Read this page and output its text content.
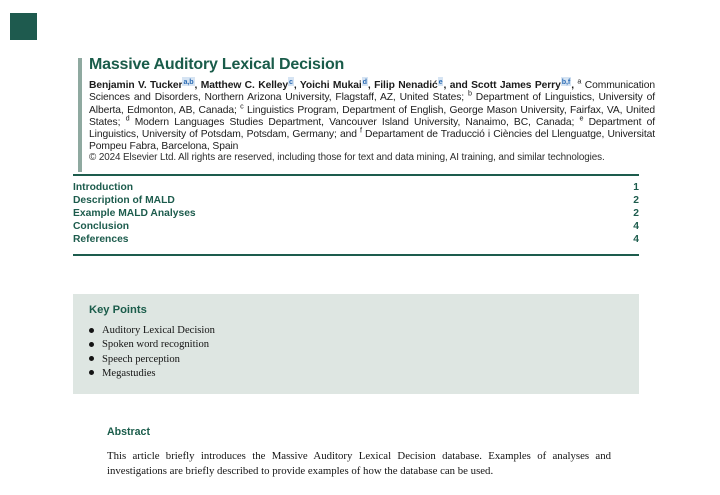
Massive Auditory Lexical Decision

Benjamin V. Tucker$^{a,b}$, Matthew C. Kelley$^c$, Yoichi Mukai$^d$, Filip Nenadić$^e$, and Scott James Perry$^{b,f}$, $^a$ Communication Sciences and Disorders, Northern Arizona University, Flagstaff, AZ, United States; $^b$ Department of Linguistics, University of Alberta, Edmonton, AB, Canada; $^c$ Linguistics Program, Department of English, George Mason University, Fairfax, VA, United States; $^d$ Modern Languages Studies Department, Vancouver Island University, Nanaimo, BC, Canada; $^e$ Department of Linguistics, University of Potsdam, Potsdam, Germany; and $^f$ Departament de Traducció i Ciències del Llenguatge, Universitat Pompeu Fabra, Barcelona, Spain

© 2024 Elsevier Ltd. All rights are reserved, including those for text and data mining, AI training, and similar technologies.

Introduction	1
Description of MALD	2
Example MALD Analyses	2
Conclusion	4
References	4
Key Points
Auditory Lexical Decision
Spoken word recognition
Speech perception
Megastudies
Abstract

This article briefly introduces the Massive Auditory Lexical Decision database. Examples of analyses and investigations are briefly described to provide examples of how the database can be used.
